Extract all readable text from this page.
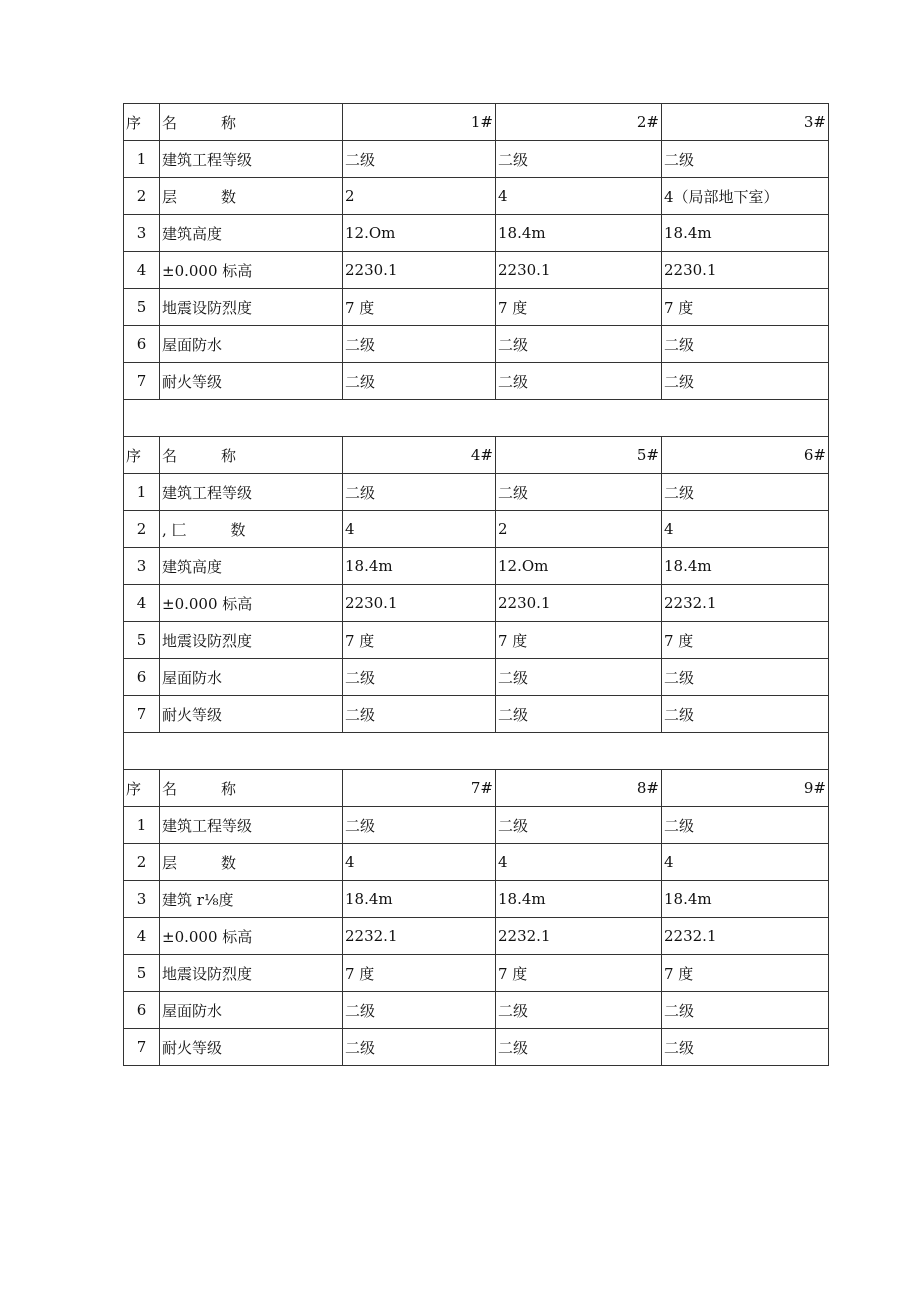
序	名 称	1#	2#	3#
1	建筑工程等级	二级	二级	二级
2	层 数	2	4	4（局部地下室）
3	建筑高度	12.Om	18.4m	18.4m
4	±0.000 标高	2230.1	2230.1	2230.1
5	地震设防烈度	7 度	7 度	7 度
6	屋面防水	二级	二级	二级
7	耐火等级	二级	二级	二级

序	名 称	4#	5#	6#
1	建筑工程等级	二级	二级	二级
2	, 匚 数	4	2	4
3	建筑高度	18.4m	12.Om	18.4m
4	±0.000 标高	2230.1	2230.1	2232.1
5	地震设防烈度	7 度	7 度	7 度
6	屋面防水	二级	二级	二级
7	耐火等级	二级	二级	二级

序	名 称	7#	8#	9#
1	建筑工程等级	二级	二级	二级
2	层 数	4	4	4
3	建筑 r⅛度	18.4m	18.4m	18.4m
4	±0.000 标高	2232.1	2232.1	2232.1
5	地震设防烈度	7 度	7 度	7 度
6	屋面防水	二级	二级	二级
7	耐火等级	二级	二级	二级
